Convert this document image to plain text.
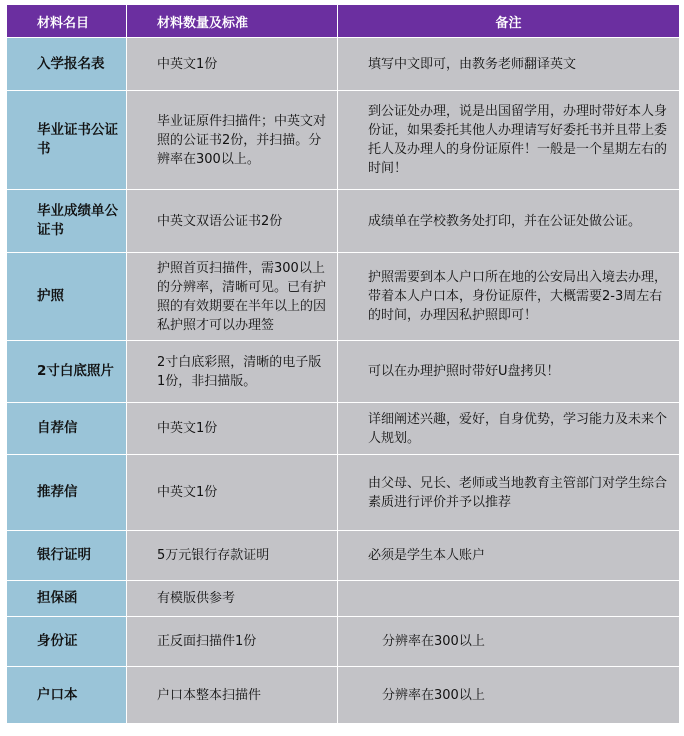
材料名目	材料数量及标准	备注
入学报名表	中英文1份	填写中文即可，由教务老师翻译英文
毕业证书公证书	毕业证原件扫描件；中英文对照的公证书2份，并扫描。分辨率在300以上。	到公证处办理，说是出国留学用，办理时带好本人身份证，如果委托其他人办理请写好委托书并且带上委托人及办理人的身份证原件！一般是一个星期左右的时间！
毕业成绩单公证书	中英文双语公证书2份	成绩单在学校教务处打印，并在公证处做公证。
护照	护照首页扫描件，需300以上的分辨率，清晰可见。已有护照的有效期要在半年以上的因私护照才可以办理签	护照需要到本人户口所在地的公安局出入境去办理，带着本人户口本，身份证原件，大概需要2-3周左右的时间，办理因私护照即可！
2寸白底照片	2寸白底彩照，清晰的电子版1份，非扫描版。	可以在办理护照时带好U盘拷贝！
自荐信	中英文1份	详细阐述兴趣，爱好，自身优势，学习能力及未来个人规划。
推荐信	中英文1份	由父母、兄长、老师或当地教育主管部门对学生综合素质进行评价并予以推荐
银行证明	5万元银行存款证明	必须是学生本人账户
担保函	有模版供参考	
身份证	正反面扫描件1份	分辨率在300以上
户口本	户口本整本扫描件	分辨率在300以上
